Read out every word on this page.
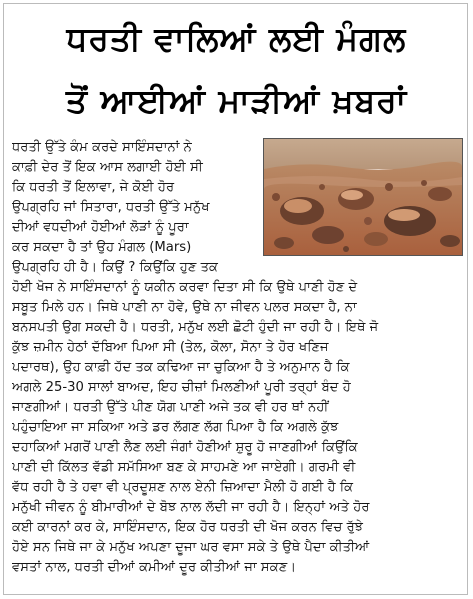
ਧਰਤੀ ਵਾਲਿਆਂ ਲਈ ਮੰਗਲ
ਤੋਂ ਆਈਆਂ ਮਾੜੀਆਂ ਖ਼ਬਰਾਂ
ਧਰਤੀ ਉੱਤੇ ਕੰਮ ਕਰਦੇ ਸਾਇੰਸਦਾਨਾਂ ਨੇ
ਕਾਫ਼ੀ ਦੇਰ ਤੋਂ ਇਕ ਆਸ ਲਗਾਈ ਹੋਈ ਸੀ
ਕਿ ਧਰਤੀ ਤੋਂ ਇਲਾਵਾ, ਜੇ ਕੋਈ ਹੋਰ
ਉਪਗ੍ਰਹਿ ਜਾਂ ਸਿਤਾਰਾ, ਧਰਤੀ ਉੱਤੇ ਮਨੁੱਖ
ਦੀਆਂ ਵਧਦੀਆਂ ਹੋਈਆਂ ਲੋੜਾਂ ਨੂੰ ਪੂਰਾ
ਕਰ ਸਕਦਾ ਹੈ ਤਾਂ ਉਹ ਮੰਗਲ (Mars)
ਉਪਗ੍ਰਹਿ ਹੀ ਹੈ। ਕਿਉਂ ? ਕਿਉਂਕਿ ਹੁਣ ਤਕ
ਹੋਈ ਖੋਜ ਨੇ ਸਾਇੰਸਦਾਨਾਂ ਨੂੰ ਯਕੀਨ ਕਰਵਾ ਦਿਤਾ ਸੀ ਕਿ ਉਥੇ ਪਾਣੀ ਹੋਣ ਦੇ
ਸਬੂਤ ਮਿਲੇ ਹਨ। ਜਿਥੇ ਪਾਣੀ ਨਾ ਹੋਵੇ, ਉਥੇ ਨਾ ਜੀਵਨ ਪਲਰ ਸਕਦਾ ਹੈ, ਨਾ
ਬਨਸਪਤੀ ਉਗ ਸਕਦੀ ਹੈ। ਧਰਤੀ, ਮਨੁੱਖ ਲਈ ਛੋਟੀ ਹੁੰਦੀ ਜਾ ਰਹੀ ਹੈ। ਇਥੇ ਜੋ
ਕੁੱਝ ਜ਼ਮੀਨ ਹੇਠਾਂ ਦੱਬਿਆ ਪਿਆ ਸੀ (ਤੇਲ, ਕੋਲਾ, ਸੋਨਾ ਤੇ ਹੋਰ ਖਣਿਜ
ਪਦਾਰਥ), ਉਹ ਕਾਫ਼ੀ ਹੱਦ ਤਕ ਕਢਿਆ ਜਾ ਚੁਕਿਆ ਹੈ ਤੇ ਅਨੁਮਾਨ ਹੈ ਕਿ
ਅਗਲੇ 25-30 ਸਾਲਾਂ ਬਾਅਦ, ਇਹ ਚੀਜ਼ਾਂ ਮਿਲਣੀਆਂ ਪੂਰੀ ਤਰ੍ਹਾਂ ਬੰਦ ਹੋ
ਜਾਣਗੀਆਂ। ਧਰਤੀ ਉੱਤੇ ਪੀਣ ਯੋਗ ਪਾਣੀ ਅਜੇ ਤਕ ਵੀ ਹਰ ਥਾਂ ਨਹੀਂ
ਪਹੁੰਚਾਇਆ ਜਾ ਸਕਿਆ ਅਤੇ ਡਰ ਲੱਗਣ ਲੱਗ ਪਿਆ ਹੈ ਕਿ ਅਗਲੇ ਕੁੱਝ
ਦਹਾਕਿਆਂ ਮਗਰੋਂ ਪਾਣੀ ਲੈਣ ਲਈ ਜੰਗਾਂ ਹੋਣੀਆਂ ਸ਼ੁਰੂ ਹੋ ਜਾਣਗੀਆਂ ਕਿਉਂਕਿ
ਪਾਣੀ ਦੀ ਕਿੱਲਤ ਵੱਡੀ ਸਮੱਸਿਆ ਬਣ ਕੇ ਸਾਹਮਣੇ ਆ ਜਾਏਗੀ। ਗਰਮੀ ਵੀ
ਵੱਧ ਰਹੀ ਹੈ ਤੇ ਹਵਾ ਵੀ ਪ੍ਰਦੂਸ਼ਣ ਨਾਲ ਏਨੀ ਜ਼ਿਆਦਾ ਮੈਲੀ ਹੋ ਗਈ ਹੈ ਕਿ
ਮਨੁੱਖੀ ਜੀਵਨ ਨੂੰ ਬੀਮਾਰੀਆਂ ਦੇ ਬੋਝ ਨਾਲ ਲੱਦੀ ਜਾ ਰਹੀ ਹੈ। ਇਨ੍ਹਾਂ ਅਤੇ ਹੋਰ
ਕਈ ਕਾਰਨਾਂ ਕਰ ਕੇ, ਸਾਇੰਸਦਾਨ, ਇਕ ਹੋਰ ਧਰਤੀ ਦੀ ਖੋਜ ਕਰਨ ਵਿਚ ਰੁੱਝੇ
ਹੋਏ ਸਨ ਜਿਥੇ ਜਾ ਕੇ ਮਨੁੱਖ ਅਪਣਾ ਦੂਜਾ ਘਰ ਵਸਾ ਸਕੇ ਤੇ ਉਥੇ ਪੈਦਾ ਕੀਤੀਆਂ
ਵਸਤਾਂ ਨਾਲ, ਧਰਤੀ ਦੀਆਂ ਕਮੀਆਂ ਦੂਰ ਕੀਤੀਆਂ ਜਾ ਸਕਣ।
